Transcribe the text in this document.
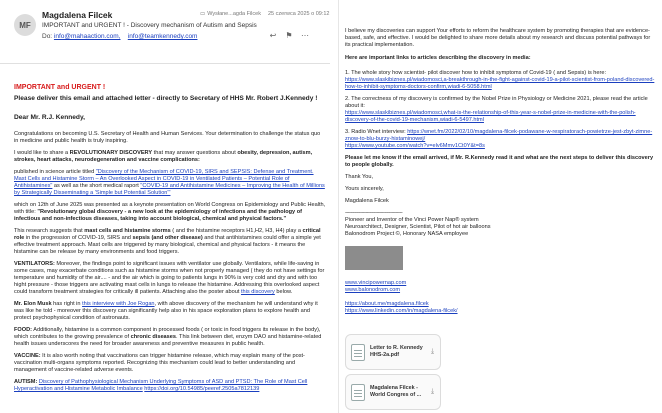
MF
Magdalena Filcek
IMPORTANT and URGENT ! - Discovery mechanism of Autism and Sepsis
Do: info@mahaaction.com, info@teamkennedy.com
▭ Wysłane...agda Filcek 25 czerwca 2025 o 09:12
↩ ⚑ ⋯
IMPORTANT and URGENT !
Please deliver this email and attached letter - directly to Secretary of HHS Mr. Robert J.Kennedy !
Dear Mr. R.J. Kennedy,

Congratulations on becoming U.S. Secretary of Health and Human Services. Your determination to challenge the status quo in medicine and public health is truly inspiring.

I would like to share a REVOLUTIONARY DISCOVERY that may answer questions about obesity, depression, autism, strokes, heart attacks, neurodegeneration and vaccine complications:

published in science article titled "Discovery of the Mechanism of COVID-19, SIRS and SEPSIS: Defense and Treatment. Mast Cells and Histamine Storm – An Overlooked Aspect in COVID-19 in Ventilated Patients – Potential Role of Antihistamines" as well as the short medical raport "COVID-19 and Antihistamine Medicines – Improving the Health of Millions by Strategically Disseminating a 'Simple but Potential Solution'"

which on 12th of June 2025 was presented as a keynote presentation on World Congress on Epidemiology and Public Health, with title: "Revolutionary global discovery - a new look at the epidemiology of infections and the pathology of infectious and non-infectious diseases, taking into account biological, chemical and physical factors."

This research suggests that mast cells and histamine storms ( and the histamine receptors H1,H2, H3, H4) play a critical role in the progression of COVID-19, SIRS and sepsis (and other disease) and that antihistamines could offer a simple yet effective treatment approach. Mast cells are triggered by many biological, chemical and physical factors - it means the histamine can be release by many environments and food triggers.

VENTILATORS: Moreover, the findings point to significant issues with ventilator use globally. Ventilators, while life-saving in some cases, may exacerbate conditions such as histamine storms when not properly managed ( they do not have settings for temperature and humidity of the air.... - and the air which is going to patients lungs in 90% is very cold and dry and with too hight pressure - those triggers are activating mast cells in lungs to release the histamine. Addressing this overlooked aspect could transform treatment strategies for critically ill patients. Attaching also the poster about this discovery below.

Mr. Elon Musk has right in this interview with Joe Rogan, with above discovery of the mechanism he will understand why it was like he told - moreover this discovery can significantly help also in his space exploration plans to explore health and protect psychophysical condition of astronauts.

FOOD: Additionally, histamine is a common component in processed foods ( or toxic in food triggers its release in the body), which contributes to the growing prevalence of chronic diseases. This link between diet, enzym DAO and histamine-related health issues underscores the need for broader awareness and preventive measures in public health.

VACCINE: It is also worth noting that vaccinations can trigger histamine release, which may explain many of the post-vaccination multi-organs symptoms reported. Recognizing this mechanism could lead to better understanding and management of vaccine-related adverse events.

AUTISM: Discovery of Pathophysiological Mechanism Underlying Symptoms of ASD and PTSD: The Role of Mast Cell Hyperactivation and Histamine Metabolic Imbalance https://doi.org/10.54985/peeref.2505a7812139

I believe my discoveries can support Your efforts to reform the healthcare system by promoting therapies that are evidence-based, safe, and effective. I would be delighted to share more details about my research and discuss potential pathways for its practical implementation.

Here are important links to articles describing the discovery in media:

1. The whole story how scientist- pilot discover how to inhibit symptoms of Covid-19 ( and Sepsis) is here:
https://www.slaskibiznes.pl/wiadomosci,a-breakthrough-in-the-fight-against-covid-19-a-pilot-scientist-from-poland-discovered-how-to-inhibit-symptoms-doctors-confirm,wiadi-6-5058.html

2. The correctness of my discovery is confirmed by the Nobel Prize in Physiology or Medicine 2021, please read the article about it:
https://www.slaskibiznes.pl/wiadomosci,what-is-the-relationship-of-this-year-s-nobel-prize-in-medicine-with-the-polish-discovery-of-the-covid-19-mechanism,wiadi-6-5497.html

3. Radio Wnet interview: https://wnet.fm/2022/02/10/magdalena-filcek-podawane-w-respiratorach-powietrze-jest-zbyt-zimne-znow-to-blu-burzy-histaminowej/
https://www.youtube.com/watch?v=elv6Mmv1Ct0Y&t=8s

Please let me know if the email arrived, if Mr. R.Kennedy read it and what are the next steps to deliver this discovery to people globally.

Thank You,

Yours sincerely,

Magdalena Filcek

------------------------------------------
Pioneer and Inventor of the Vinci Power Nap® system
Neuroarchitect, Designer, Scientist, Pilot of hot air balloons
Balonodrom Project ©, Honorary NASA employee
www.vincipowernap.com
www.balonodrom.com
https://about.me/magdalena.filcek
https://www.linkedin.com/in/magdalena-filcek/
Letter to R. Kennedy HHS-2a.pdf	⤓
Magdalena Filcek - World Congres of ...	⤓
